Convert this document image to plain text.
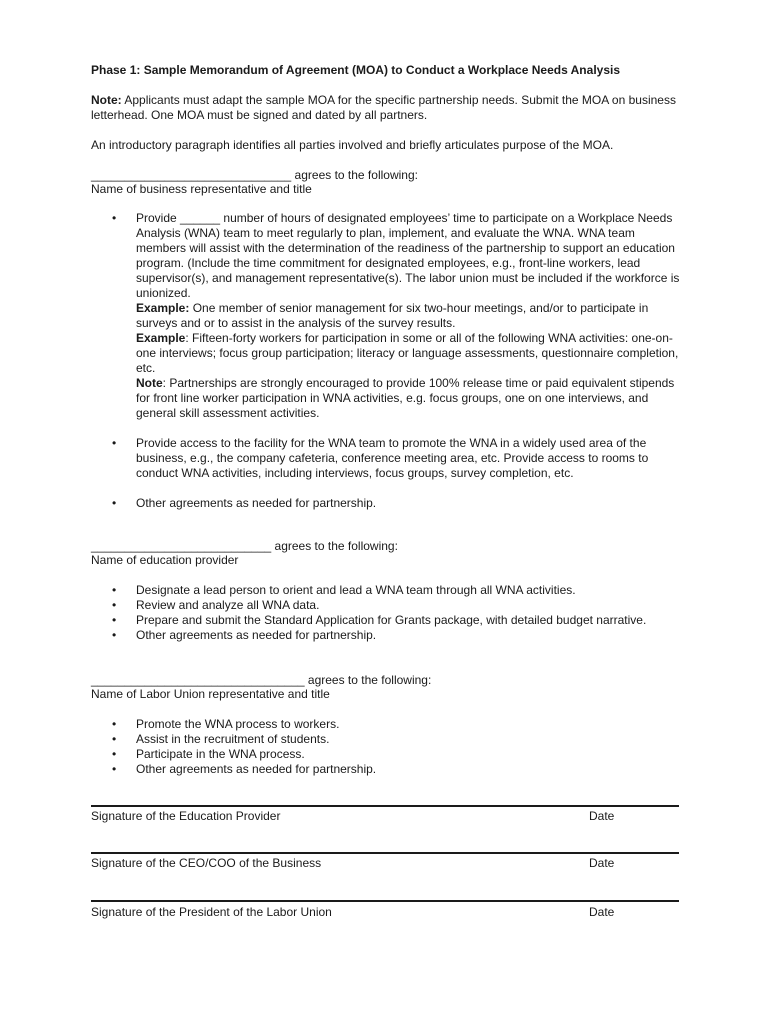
Phase 1: Sample Memorandum of Agreement (MOA) to Conduct a Workplace Needs Analysis
Note: Applicants must adapt the sample MOA for the specific partnership needs. Submit the MOA on business letterhead. One MOA must be signed and dated by all partners.
An introductory paragraph identifies all parties involved and briefly articulates purpose of the MOA.
______________________________ agrees to the following:
Name of business representative and title
• Provide ______ number of hours of designated employees’ time to participate on a Workplace Needs Analysis (WNA) team to meet regularly to plan, implement, and evaluate the WNA. WNA team members will assist with the determination of the readiness of the partnership to support an education program. (Include the time commitment for designated employees, e.g., front-line workers, lead supervisor(s), and management representative(s). The labor union must be included if the workforce is unionized.
Example: One member of senior management for six two-hour meetings, and/or to participate in surveys and or to assist in the analysis of the survey results.
Example: Fifteen-forty workers for participation in some or all of the following WNA activities: one-on-one interviews; focus group participation; literacy or language assessments, questionnaire completion, etc.
Note: Partnerships are strongly encouraged to provide 100% release time or paid equivalent stipends for front line worker participation in WNA activities, e.g. focus groups, one on one interviews, and general skill assessment activities.
• Provide access to the facility for the WNA team to promote the WNA in a widely used area of the business, e.g., the company cafeteria, conference meeting area, etc. Provide access to rooms to conduct WNA activities, including interviews, focus groups, survey completion, etc.
• Other agreements as needed for partnership.
___________________________ agrees to the following:
Name of education provider
• Designate a lead person to orient and lead a WNA team through all WNA activities.
• Review and analyze all WNA data.
• Prepare and submit the Standard Application for Grants package, with detailed budget narrative.
• Other agreements as needed for partnership.
________________________________ agrees to the following:
Name of Labor Union representative and title
• Promote the WNA process to workers.
• Assist in the recruitment of students.
• Participate in the WNA process.
• Other agreements as needed for partnership.
Signature of the Education Provider	Date
Signature of the CEO/COO of the Business	Date
Signature of the President of the Labor Union	Date
